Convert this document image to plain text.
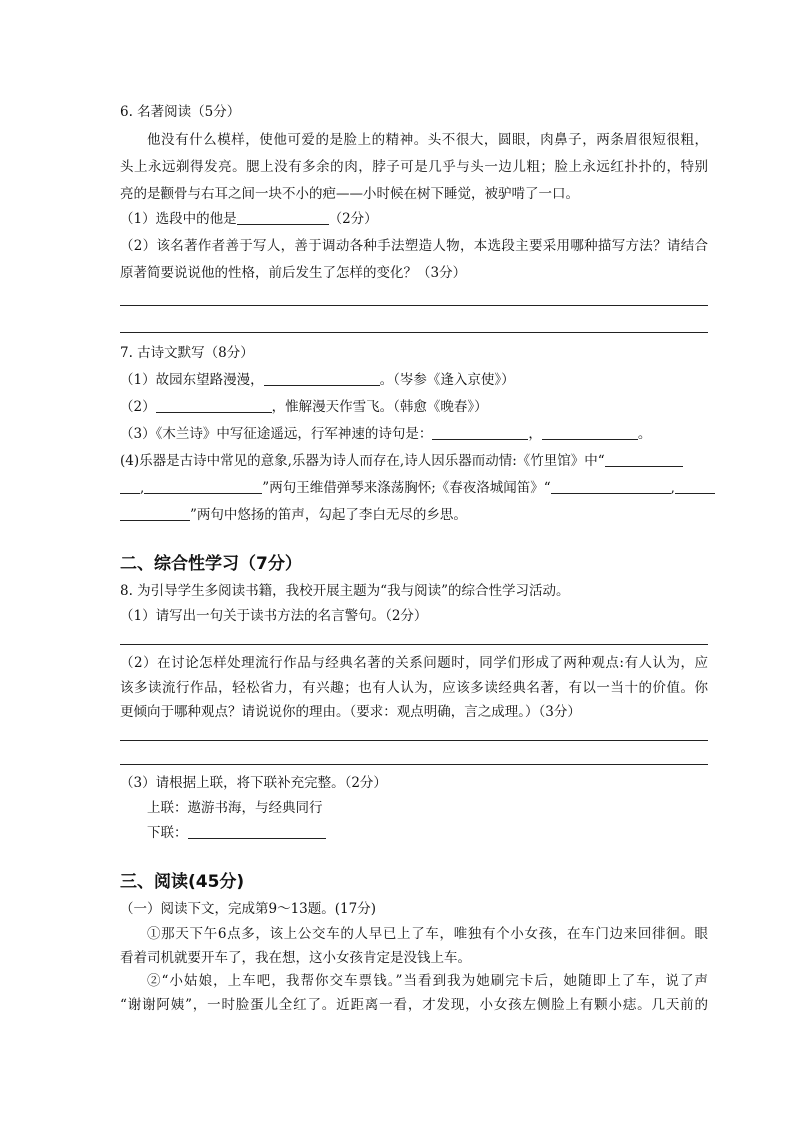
6. 名著阅读（5分）
他没有什么模样，使他可爱的是脸上的精神。头不很大，圆眼，肉鼻子，两条眉很短很粗，
头上永远剃得发亮。腮上没有多余的肉，脖子可是几乎与头一边儿粗；脸上永远红扑扑的，特别
亮的是颧骨与右耳之间一块不小的疤——小时候在树下睡觉，被驴啃了一口。
（1）选段中的他是	（2分）
（2）该名著作者善于写人，善于调动各种手法塑造人物，本选段主要采用哪种描写方法？请结合
原著简要说说他的性格，前后发生了怎样的变化？（3分）
7. 古诗文默写（8分）
（1）故园东望路漫漫，	。（岑参《逢入京使》）
（2）	，惟解漫天作雪飞。（韩愈《晚春》）
（3）《木兰诗》中写征途遥远，行军神速的诗句是：	，	。
(4)乐器是古诗中常见的意象,乐器为诗人而存在,诗人因乐器而动情:《竹里馆》中“
,	”两句王维借弹琴来涤荡胸怀;《春夜洛城闻笛》“	,
”两句中悠扬的笛声，勾起了李白无尽的乡思。
二、综合性学习（7分）
8. 为引导学生多阅读书籍，我校开展主题为“我与阅读”的综合性学习活动。
（1）请写出一句关于读书方法的名言警句。（2分）
（2）在讨论怎样处理流行作品与经典名著的关系问题时，同学们形成了两种观点:有人认为，应
该多读流行作品，轻松省力，有兴趣；也有人认为，应该多读经典名著，有以一当十的价值。你
更倾向于哪种观点？请说说你的理由。（要求：观点明确，言之成理。）（3分）
（3）请根据上联，将下联补充完整。（2分）
上联：遨游书海，与经典同行
下联：
三、阅读(45分)
（一）阅读下文，完成第9～13题。(17分)
①那天下午6点多，该上公交车的人早已上了车，唯独有个小女孩，在车门边来回徘徊。眼
看着司机就要开车了，我在想，这小女孩肯定是没钱上车。
②“小姑娘，上车吧，我帮你交车票钱。”当看到我为她刷完卡后，她随即上了车，说了声
“谢谢阿姨”，一时脸蛋儿全红了。近距离一看，才发现，小女孩左侧脸上有颗小痣。几天前的
